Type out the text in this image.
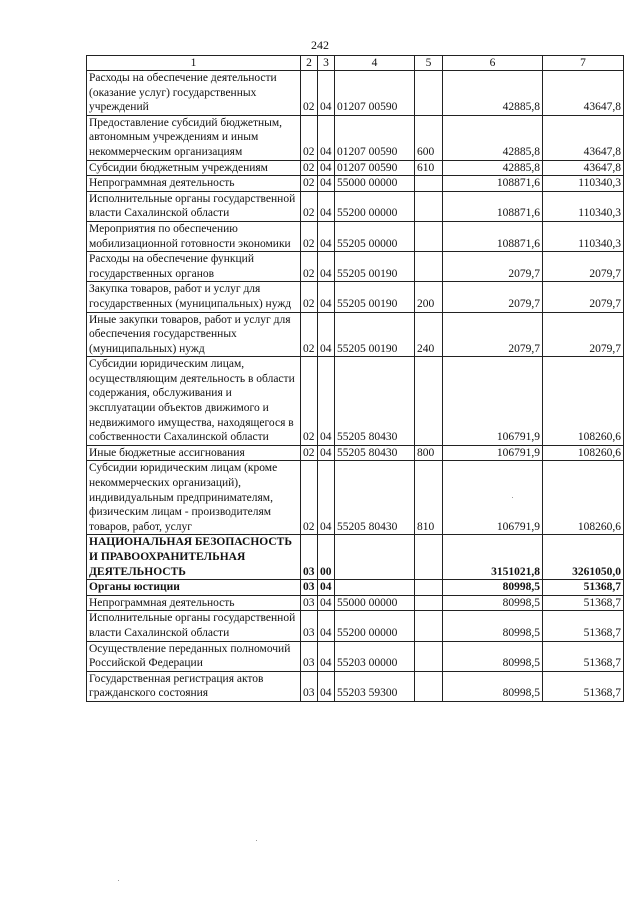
242
1	2	3	4	5	6	7
Расходы на обеспечение деятельности (оказание услуг) государственных учреждений	02	04	01207 00590		42885,8	43647,8
Предоставление субсидий бюджетным, автономным учреждениям и иным некоммерческим организациям	02	04	01207 00590	600	42885,8	43647,8
Субсидии бюджетным учреждениям	02	04	01207 00590	610	42885,8	43647,8
Непрограммная деятельность	02	04	55000 00000		108871,6	110340,3
Исполнительные органы государственной власти Сахалинской области	02	04	55200 00000		108871,6	110340,3
Мероприятия по обеспечению мобилизационной готовности экономики	02	04	55205 00000		108871,6	110340,3
Расходы на обеспечение функций государственных органов	02	04	55205 00190		2079,7	2079,7
Закупка товаров, работ и услуг для государственных (муниципальных) нужд	02	04	55205 00190	200	2079,7	2079,7
Иные закупки товаров, работ и услуг для обеспечения государственных (муниципальных) нужд	02	04	55205 00190	240	2079,7	2079,7
Субсидии юридическим лицам, осуществляющим деятельность в области содержания, обслуживания и эксплуатации объектов движимого и недвижимого имущества, находящегося в собственности Сахалинской области	02	04	55205 80430		106791,9	108260,6
Иные бюджетные ассигнования	02	04	55205 80430	800	106791,9	108260,6
Субсидии юридическим лицам (кроме некоммерческих организаций), индивидуальным предпринимателям, физическим лицам - производителям товаров, работ, услуг	02	04	55205 80430	810	106791,9	108260,6
НАЦИОНАЛЬНАЯ БЕЗОПАСНОСТЬ И ПРАВООХРАНИТЕЛЬНАЯ ДЕЯТЕЛЬНОСТЬ	03	00			3151021,8	3261050,0
Органы юстиции	03	04			80998,5	51368,7
Непрограммная деятельность	03	04	55000 00000		80998,5	51368,7
Исполнительные органы государственной власти Сахалинской области	03	04	55200 00000		80998,5	51368,7
Осуществление переданных полномочий Российской Федерации	03	04	55203 00000		80998,5	51368,7
Государственная регистрация актов гражданского состояния	03	04	55203 59300		80998,5	51368,7
